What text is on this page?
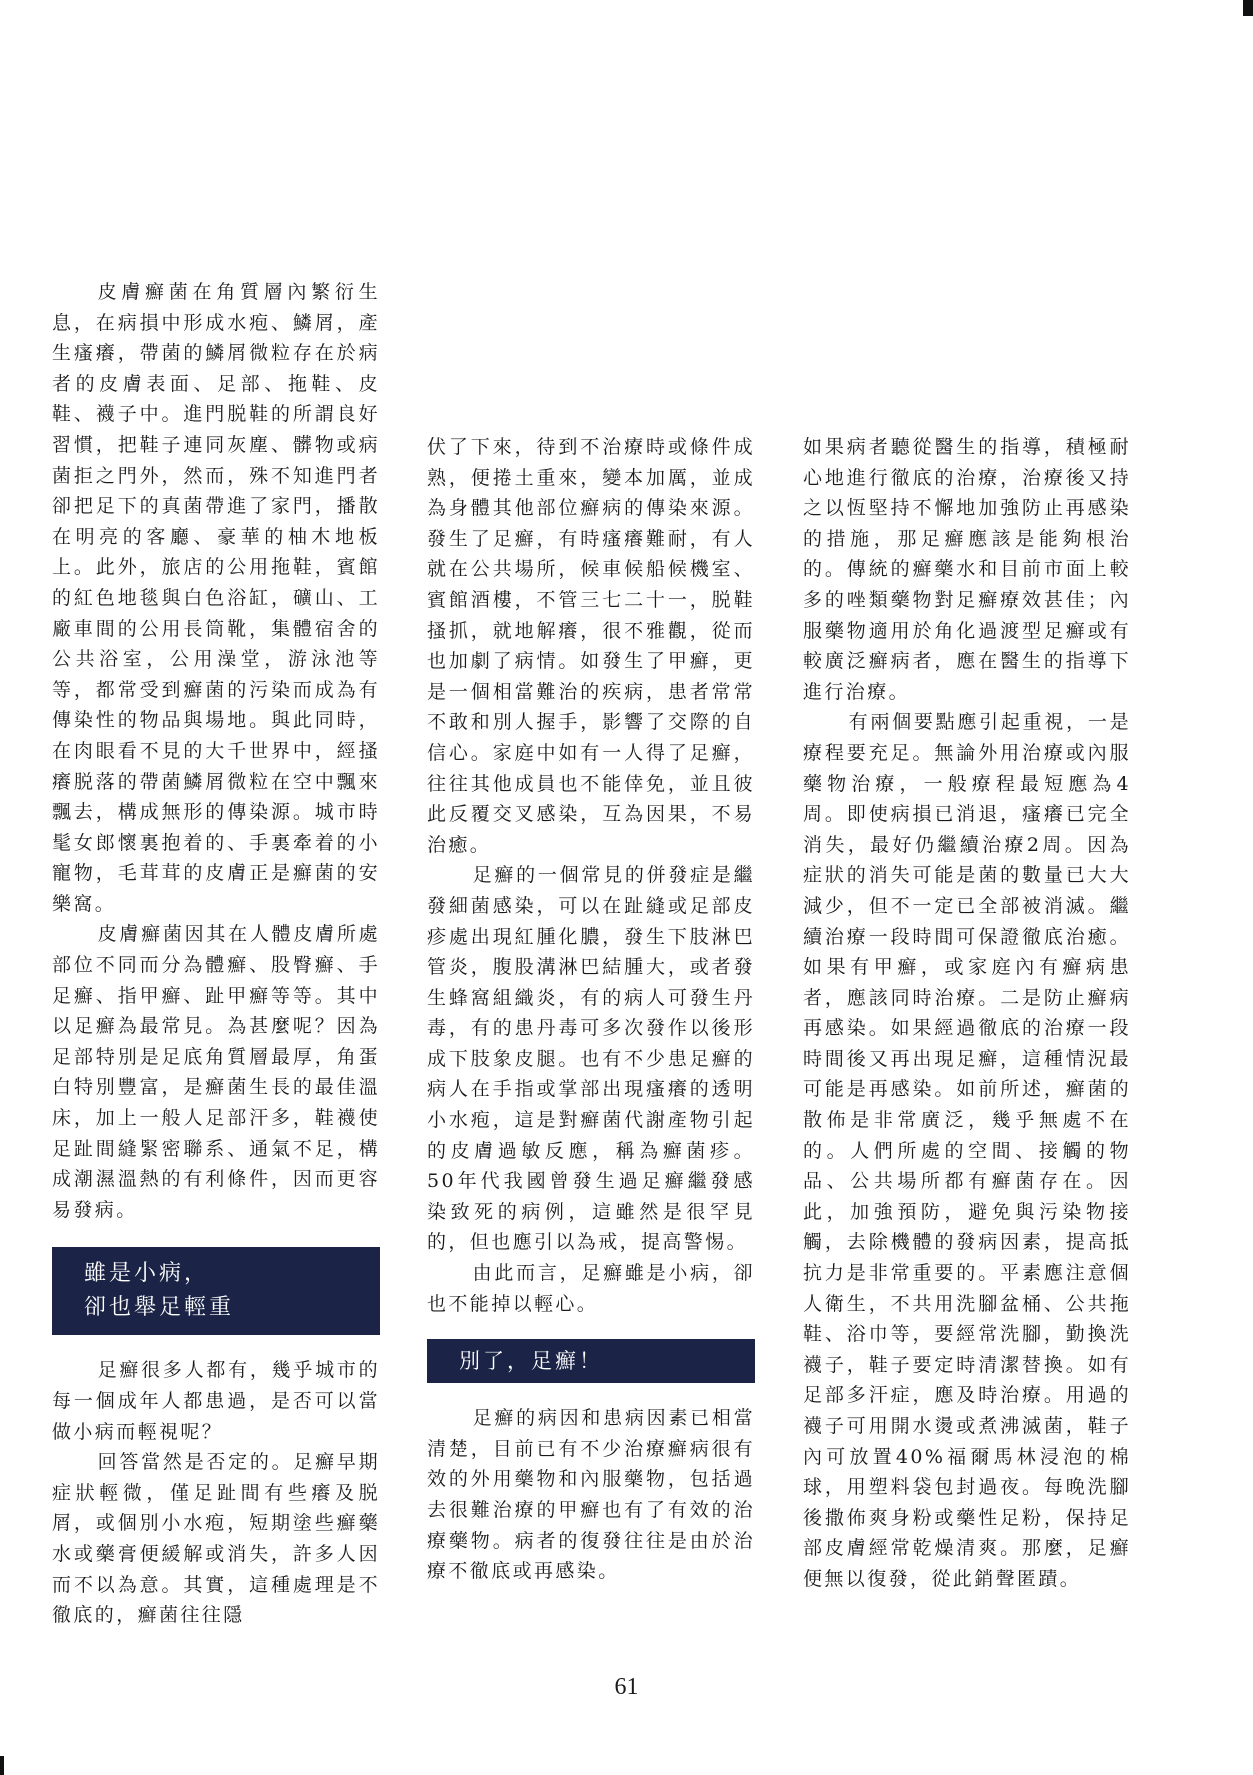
皮膚癬菌在角質層內繁衍生息，在病損中形成水疱、鱗屑，產生瘙癢，帶菌的鱗屑微粒存在於病者的皮膚表面、足部、拖鞋、皮鞋、襪子中。進門脱鞋的所謂良好習慣，把鞋子連同灰塵、髒物或病菌拒之門外，然而，殊不知進門者卻把足下的真菌帶進了家門，播散在明亮的客廳、豪華的柚木地板上。此外，旅店的公用拖鞋，賓館的紅色地毯與白色浴缸，礦山、工廠車間的公用長筒靴，集體宿舍的公共浴室，公用澡堂，游泳池等等，都常受到癬菌的污染而成為有傳染性的物品與場地。與此同時，在肉眼看不見的大千世界中，經搔癢脱落的帶菌鱗屑微粒在空中飄來飄去，構成無形的傳染源。城市時髦女郎懷裏抱着的、手裏牽着的小寵物，毛茸茸的皮膚正是癬菌的安樂窩。

皮膚癬菌因其在人體皮膚所處部位不同而分為體癬、股臀癬、手足癬、指甲癬、趾甲癬等等。其中以足癬為最常見。為甚麼呢？因為足部特別是足底角質層最厚，角蛋白特別豐富，是癬菌生長的最佳溫床，加上一般人足部汗多，鞋襪使足趾間縫緊密聯系、通氣不足，構成潮濕溫熱的有利條件，因而更容易發病。

雖是小病，
卻也舉足輕重

足癬很多人都有，幾乎城市的每一個成年人都患過，是否可以當做小病而輕視呢？

回答當然是否定的。足癬早期症狀輕微，僅足趾間有些癢及脱屑，或個別小水疱，短期塗些癬藥水或藥膏便緩解或消失，許多人因而不以為意。其實，這種處理是不徹底的，癬菌往往隱

伏了下來，待到不治療時或條件成熟，便捲土重來，變本加厲，並成為身體其他部位癬病的傳染來源。發生了足癬，有時瘙癢難耐，有人就在公共場所，候車候船候機室、賓館酒樓，不管三七二十一，脱鞋搔抓，就地解癢，很不雅觀，從而也加劇了病情。如發生了甲癬，更是一個相當難治的疾病，患者常常不敢和別人握手，影響了交際的自信心。家庭中如有一人得了足癬，往往其他成員也不能倖免，並且彼此反覆交叉感染，互為因果，不易治癒。

足癬的一個常見的併發症是繼發細菌感染，可以在趾縫或足部皮疹處出現紅腫化膿，發生下肢淋巴管炎，腹股溝淋巴結腫大，或者發生蜂窩組織炎，有的病人可發生丹毒，有的患丹毒可多次發作以後形成下肢象皮腿。也有不少患足癬的病人在手指或掌部出現瘙癢的透明小水疱，這是對癬菌代謝產物引起的皮膚過敏反應，稱為癬菌疹。50年代我國曾發生過足癬繼發感染致死的病例，這雖然是很罕見的，但也應引以為戒，提高警惕。

由此而言，足癬雖是小病，卻也不能掉以輕心。

別了，足癬！

足癬的病因和患病因素已相當清楚，目前已有不少治療癬病很有效的外用藥物和內服藥物，包括過去很難治療的甲癬也有了有效的治療藥物。病者的復發往往是由於治療不徹底或再感染。

如果病者聽從醫生的指導，積極耐心地進行徹底的治療，治療後又持之以恆堅持不懈地加強防止再感染的措施，那足癬應該是能夠根治的。傳統的癬藥水和目前市面上較多的唑類藥物對足癬療效甚佳；內服藥物適用於角化過渡型足癬或有較廣泛癬病者，應在醫生的指導下進行治療。

有兩個要點應引起重視，一是療程要充足。無論外用治療或內服藥物治療，一般療程最短應為4周。即使病損已消退，瘙癢已完全消失，最好仍繼續治療2周。因為症狀的消失可能是菌的數量已大大減少，但不一定已全部被消滅。繼續治療一段時間可保證徹底治癒。如果有甲癬，或家庭內有癬病患者，應該同時治療。二是防止癬病再感染。如果經過徹底的治療一段時間後又再出現足癬，這種情況最可能是再感染。如前所述，癬菌的散佈是非常廣泛，幾乎無處不在的。人們所處的空間、接觸的物品、公共場所都有癬菌存在。因此，加強預防，避免與污染物接觸，去除機體的發病因素，提高抵抗力是非常重要的。平素應注意個人衛生，不共用洗腳盆桶、公共拖鞋、浴巾等，要經常洗腳，勤換洗襪子，鞋子要定時清潔替換。如有足部多汗症，應及時治療。用過的襪子可用開水燙或煮沸滅菌，鞋子內可放置40%福爾馬林浸泡的棉球，用塑料袋包封過夜。每晚洗腳後撒佈爽身粉或藥性足粉，保持足部皮膚經常乾燥清爽。那麼，足癬便無以復發，從此銷聲匿蹟。

61
